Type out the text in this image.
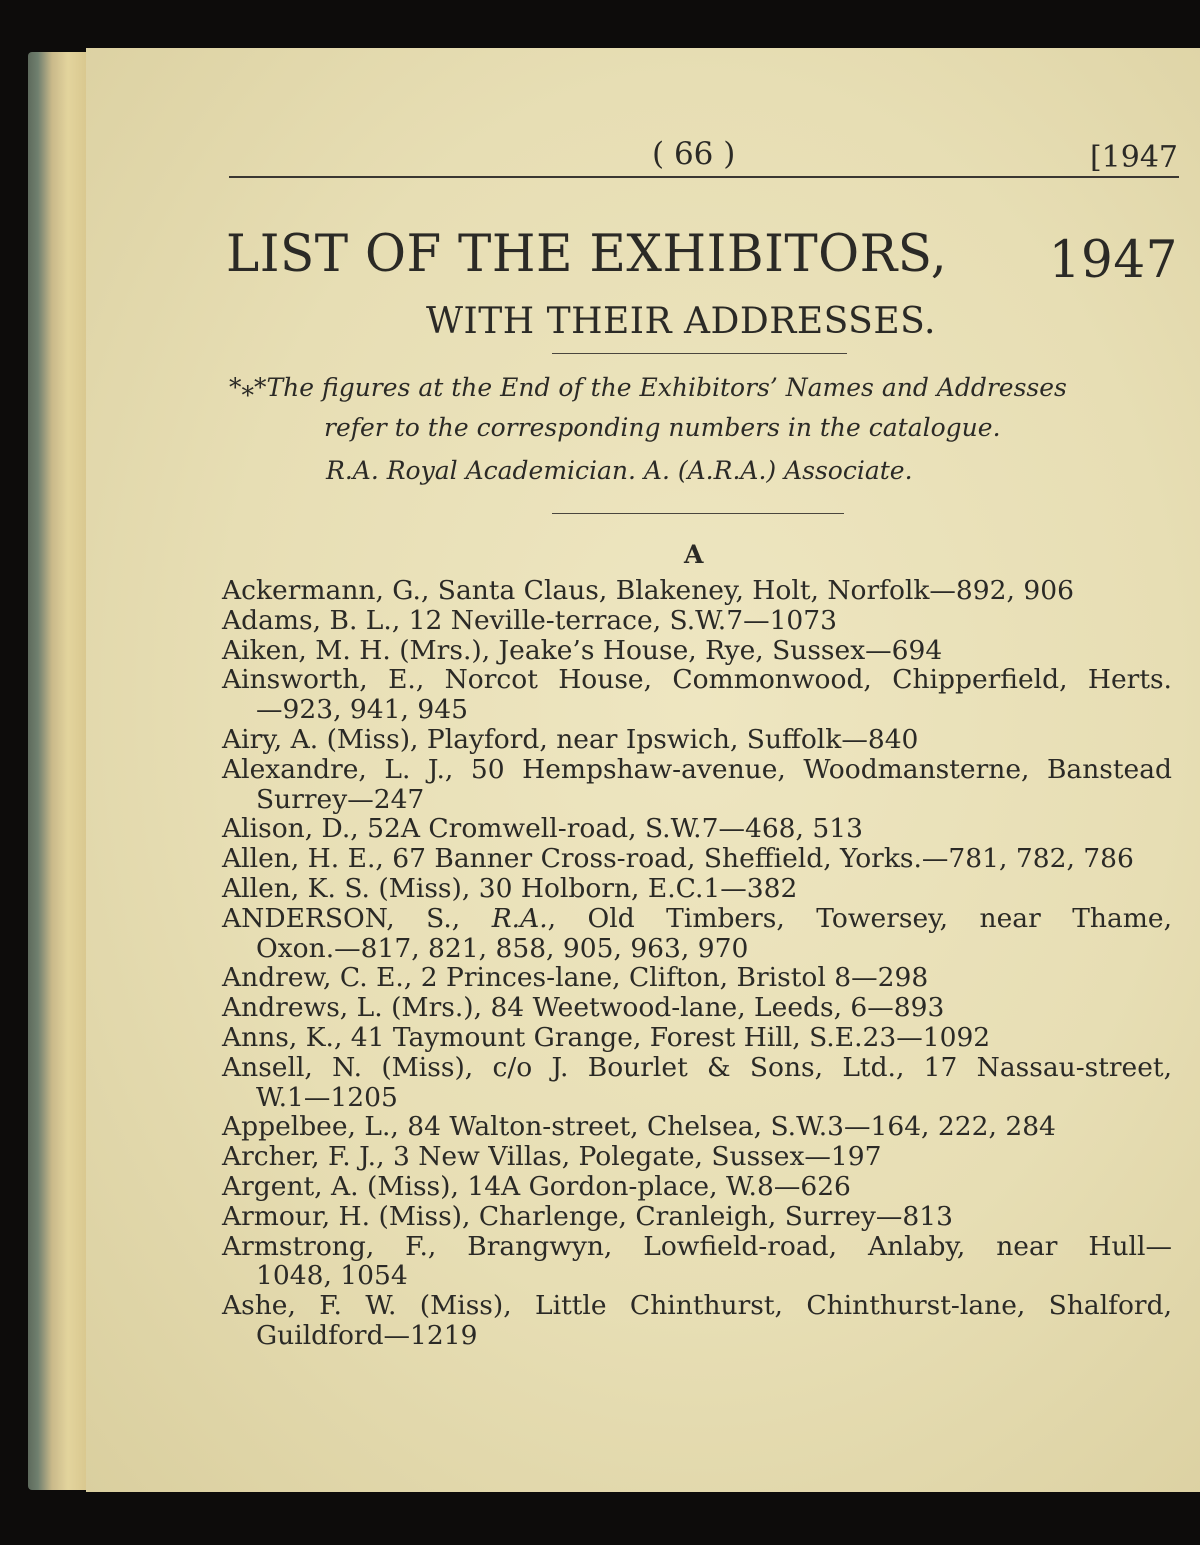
( 66 )	[1947
LIST OF THE EXHIBITORS, 1947
WITH THEIR ADDRESSES.
*⁎*The figures at the End of the Exhibitors’ Names and Addresses
refer to the corresponding numbers in the catalogue.
R.A. Royal Academician. A. (A.R.A.) Associate.
A
Ackermann, G., Santa Claus, Blakeney, Holt, Norfolk—892, 906
Adams, B. L., 12 Neville-terrace, S.W.7—1073
Aiken, M. H. (Mrs.), Jeake’s House, Rye, Sussex—694
Ainsworth, E., Norcot House, Commonwood, Chipperfield, Herts.
—923, 941, 945
Airy, A. (Miss), Playford, near Ipswich, Suffolk—840
Alexandre, L. J., 50 Hempshaw-avenue, Woodmansterne, Banstead
Surrey—247
Alison, D., 52A Cromwell-road, S.W.7—468, 513
Allen, H. E., 67 Banner Cross-road, Sheffield, Yorks.—781, 782, 786
Allen, K. S. (Miss), 30 Holborn, E.C.1—382
ANDERSON, S., R.A., Old Timbers, Towersey, near Thame,
Oxon.—817, 821, 858, 905, 963, 970
Andrew, C. E., 2 Princes-lane, Clifton, Bristol 8—298
Andrews, L. (Mrs.), 84 Weetwood-lane, Leeds, 6—893
Anns, K., 41 Taymount Grange, Forest Hill, S.E.23—1092
Ansell, N. (Miss), c/o J. Bourlet & Sons, Ltd., 17 Nassau-street,
W.1—1205
Appelbee, L., 84 Walton-street, Chelsea, S.W.3—164, 222, 284
Archer, F. J., 3 New Villas, Polegate, Sussex—197
Argent, A. (Miss), 14A Gordon-place, W.8—626
Armour, H. (Miss), Charlenge, Cranleigh, Surrey—813
Armstrong, F., Brangwyn, Lowfield-road, Anlaby, near Hull—
1048, 1054
Ashe, F. W. (Miss), Little Chinthurst, Chinthurst-lane, Shalford,
Guildford—1219
